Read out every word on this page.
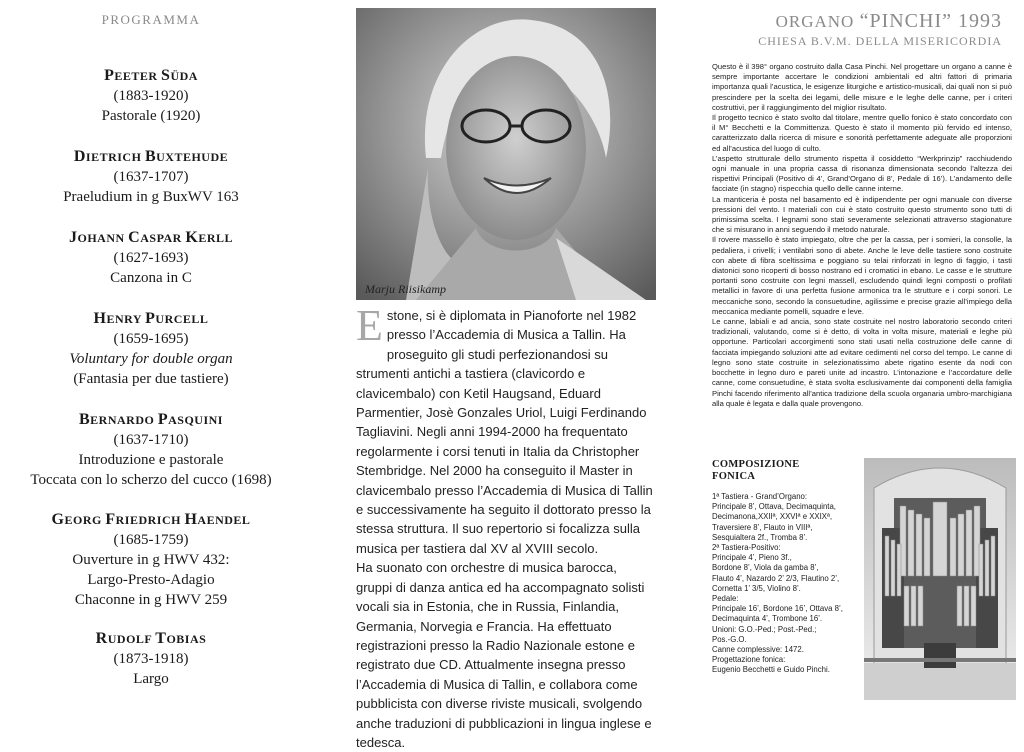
PROGRAMMA
PEETER SÜDA
(1883-1920)
Pastorale (1920)
DIETRICH BUXTEHUDE
(1637-1707)
Praeludium in g BuxWV 163
JOHANN CASPAR KERLL
(1627-1693)
Canzona in C
HENRY PURCELL
(1659-1695)
Voluntary for double organ
(Fantasia per due tastiere)
BERNARDO PASQUINI
(1637-1710)
Introduzione e pastorale
Toccata con lo scherzo del cucco (1698)
GEORG FRIEDRICH HAENDEL
(1685-1759)
Ouverture in g HWV 432:
Largo-Presto-Adagio
Chaconne in g HWV 259
RUDOLF TOBIAS
(1873-1918)
Largo
Marju Riisikamp
Estone, si è diplomata in Pianoforte nel 1982 presso l’Accademia di Musica a Tallin. Ha proseguito gli studi perfezionandosi su strumenti antichi a tastiera (clavicordo e clavicembalo) con Ketil Haugsand, Eduard Parmentier, Josè Gonzales Uriol, Luigi Ferdinando Tagliavini. Negli anni 1994-2000 ha frequentato regolarmente i corsi tenuti in Italia da Christopher Stembridge. Nel 2000 ha conseguito il Master in clavicembalo presso l’Accademia di Musica di Tallin e successivamente ha seguito il dottorato presso la stessa struttura. Il suo repertorio si focalizza sulla musica per tastiera dal XV al XVIII secolo.
Ha suonato con orchestre di musica barocca, gruppi di danza antica ed ha accompagnato solisti vocali sia in Estonia, che in Russia, Finlandia, Germania, Norvegia e Francia. Ha effettuato registrazioni presso la Radio Nazionale estone e registrato due CD. Attualmente insegna presso l’Accademia di Musica di Tallin, e collabora come pubblicista con diverse riviste musicali, svolgendo anche traduzioni di pubblicazioni in lingua inglese e tedesca.
ORGANO “PINCHI” 1993
CHIESA B.V.M. DELLA MISERICORDIA
Questo è il 398° organo costruito dalla Casa Pinchi. Nel progettare un organo a canne è sempre importante accertare le condizioni ambientali ed altri fattori di primaria importanza quali l’acustica, le esigenze liturgiche e artistico-musicali, dai quali non si può prescindere per la scelta dei legami, delle misure e le leghe delle canne, per i criteri costruttivi, per il raggiungimento del miglior risultato.
Il progetto tecnico è stato svolto dal titolare, mentre quello fonico è stato concordato con il M° Becchetti e la Committenza. Questo è stato il momento più fervido ed intenso, caratterizzato dalla ricerca di misure e sonorità perfettamente adeguate alle proporzioni ed all’acustica del luogo di culto.
L’aspetto strutturale dello strumento rispetta il cosiddetto “Werkprinzip” racchiudendo ogni manuale in una propria cassa di risonanza dimensionata secondo l’altezza dei rispettivi Principali (Positivo di 4’, Grand’Organo di 8’, Pedale di 16’). L’andamento delle facciate (in stagno) rispecchia quello delle canne interne.
La manticeria è posta nel basamento ed è indipendente per ogni manuale con diverse pressioni del vento. I materiali con cui è stato costruito questo strumento sono tutti di primissima scelta. I legnami sono stati severamente selezionati attraverso stagionature che si misurano in anni seguendo il metodo naturale.
Il rovere massello è stato impiegato, oltre che per la cassa, per i somieri, la consolle, la pedaliera, i crivelli; i ventilabri sono di abete. Anche le leve delle tastiere sono costruite con abete di fibra sceltissima e poggiano su telai rinforzati in legno di faggio, i tasti diatonici sono ricoperti di bosso nostrano ed i cromatici in ebano. Le casse e le strutture portanti sono costruite con legni massell, escludendo quindi legni composti o profilati metallici in favore di una perfetta fusione armonica tra le strutture e i corpi sonori. Le meccaniche sono, secondo la consuetudine, agilissime e precise grazie all’impiego della meccanica mediante pomelli, squadre e leve.
Le canne, labiali e ad ancia, sono state costruite nel nostro laboratorio secondo criteri tradizionali, valutando, come si è detto, di volta in volta misure, materiali e leghe più opportune. Particolari accorgimenti sono stati usati nella costruzione delle canne di facciata impiegando soluzioni atte ad evitare cedimenti nel corso del tempo. Le canne di legno sono state costruite in selezionatissimo abete rigatino esente da nodi con bocchette in legno duro e pareti unite ad incastro. L’intonazione e l’accordature delle canne, come consuetudine, è stata svolta esclusivamente dai componenti della famiglia Pinchi facendo riferimento all’antica tradizione della scuola organaria umbro-marchigiana alla quale è legata e dalla quale provengono.
COMPOSIZIONE
FONICA
1ª Tastiera - Grand’Organo:
Principale 8’, Ottava, Decimaquinta,
Decimanona,XXIIª, XXVIª e XXIXª,
Traversiere 8’, Flauto in VIIIª,
Sesquialtera 2f., Tromba 8’.
2ª Tastiera-Positivo:
Principale 4’, Pieno 3f.,
Bordone 8’, Viola da gamba 8’,
Flauto 4’, Nazardo 2’ 2/3, Flautino 2’,
Cornetta 1’ 3/5, Violino 8’.
Pedale:
Principale 16’, Bordone 16’, Ottava 8’,
Decimaquinta 4’, Trombone 16’.
Unioni: G.O.-Ped.; Post.-Ped.;
Pos.-G.O.
Canne complessive: 1472.
Progettazione fonica:
Eugenio Becchetti e Guido Pinchi.
